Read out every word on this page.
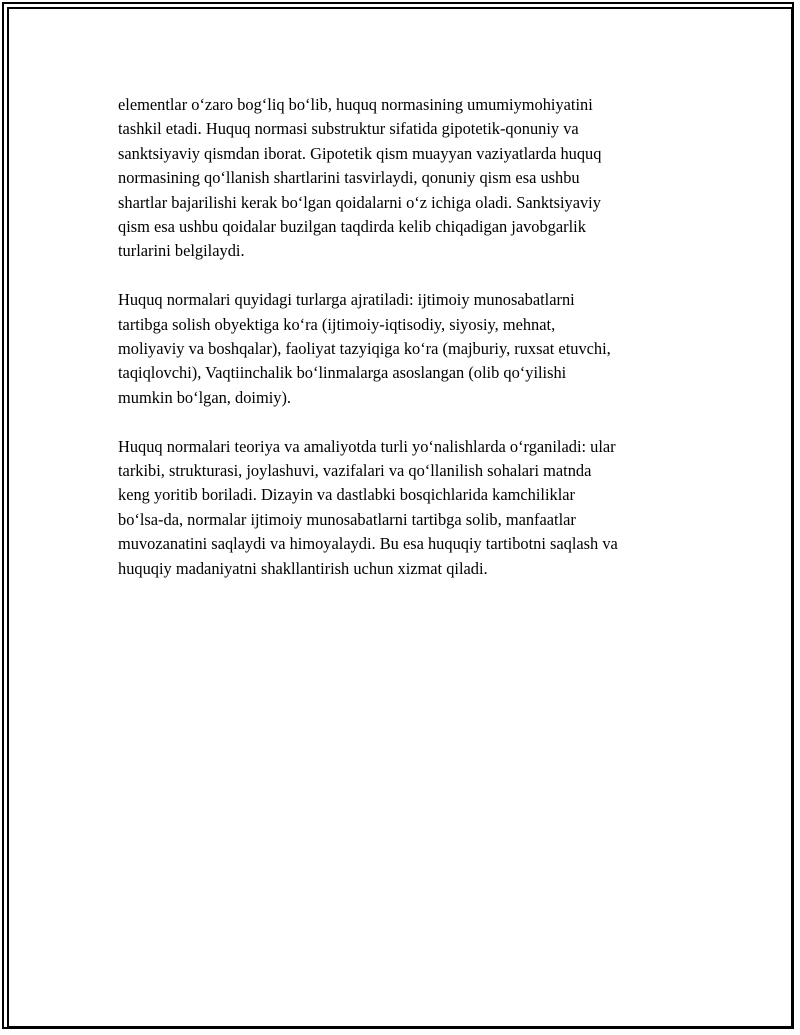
elementlar o‘zaro bog‘liq bo‘lib, huquq normasining umumiymohiyatini
tashkil etadi. Huquq normasi substruktur sifatida gipotetik-qonuniy va
sanktsiyaviy qismdan iborat. Gipotetik qism muayyan vaziyatlarda huquq
normasining qo‘llanish shartlarini tasvirlaydi, qonuniy qism esa ushbu
shartlar bajarilishi kerak bo‘lgan qoidalarni o‘z ichiga oladi. Sanktsiyaviy
qism esa ushbu qoidalar buzilgan taqdirda kelib chiqadigan javobgarlik
turlarini belgilaydi.

Huquq normalari quyidagi turlarga ajratiladi: ijtimoiy munosabatlarni
tartibga solish obyektiga ko‘ra (ijtimoiy-iqtisodiy, siyosiy, mehnat,
moliyaviy va boshqalar), faoliyat tazyiqiga ko‘ra (majburiy, ruxsat etuvchi,
taqiqlovchi), Vaqtiinchalik bo‘linmalarga asoslangan (olib qo‘yilishi
mumkin bo‘lgan, doimiy).

Huquq normalari teoriya va amaliyotda turli yo‘nalishlarda o‘rganiladi: ular
tarkibi, strukturasi, joylashuvi, vazifalari va qo‘llanilish sohalari matnda
keng yoritib boriladi. Dizayin va dastlabki bosqichlarida kamchiliklar
bo‘lsa-da, normalar ijtimoiy munosabatlarni tartibga solib, manfaatlar
muvozanatini saqlaydi va himoyalaydi. Bu esa huquqiy tartibotni saqlash va
huquqiy madaniyatni shakllantirish uchun xizmat qiladi.
